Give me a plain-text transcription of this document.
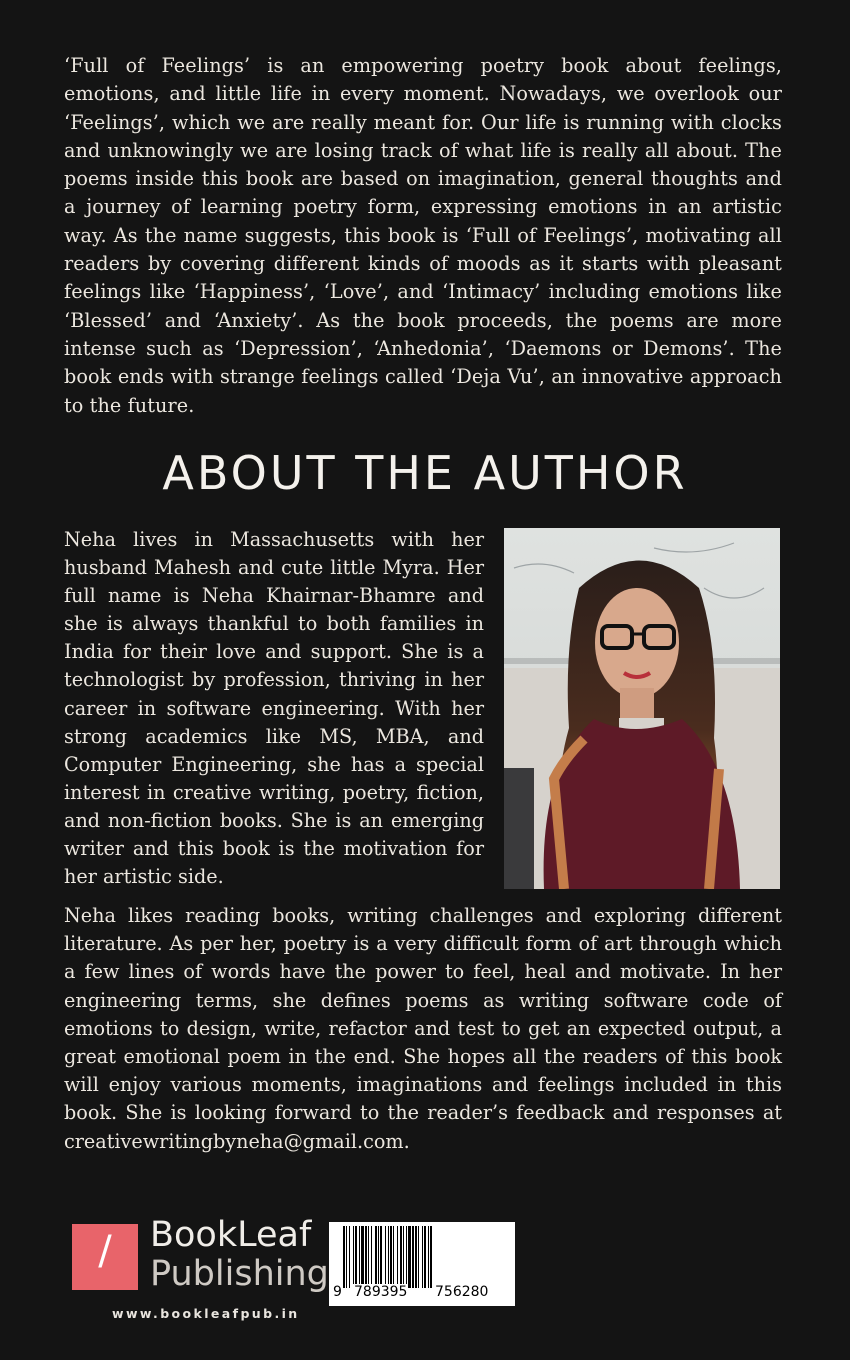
‘Full of Feelings’ is an empowering poetry book about feelings, emotions, and little life in every moment. Nowadays, we overlook our ‘Feelings’, which we are really meant for. Our life is running with clocks and unknowingly we are losing track of what life is really all about. The poems inside this book are based on imagination, general thoughts and a journey of learning poetry form, expressing emotions in an artistic way. As the name suggests, this book is ‘Full of Feelings’, motivating all readers by covering different kinds of moods as it starts with pleasant feelings like ‘Happiness’, ‘Love’, and ‘Intimacy’ including emotions like ‘Blessed’ and ‘Anxiety’. As the book proceeds, the poems are more intense such as ‘Depression’, ‘Anhedonia’, ‘Daemons or Demons’. The book ends with strange feelings called ‘Deja Vu’, an innovative approach to the future.

ABOUT THE AUTHOR

Neha lives in Massachusetts with her husband Mahesh and cute little Myra. Her full name is Neha Khairnar-Bhamre and she is always thankful to both families in India for their love and support. She is a technologist by profession, thriving in her career in software engineering. With her strong academics like MS, MBA, and Computer Engineering, she has a special interest in creative writing, poetry, fiction, and non-fiction books. She is an emerging writer and this book is the motivation for her artistic side.

Neha likes reading books, writing challenges and exploring different literature. As per her, poetry is a very difficult form of art through which a few lines of words have the power to feel, heal and motivate. In her engineering terms, she defines poems as writing software code of emotions to design, write, refactor and test to get an expected output, a great emotional poem in the end. She hopes all the readers of this book will enjoy various moments, imaginations and feelings included in this book. She is looking forward to the reader’s feedback and responses at creativewritingbyneha@gmail.com.

/	BookLeaf
Publishing
www.bookleafpub.in
9 789395 756280
